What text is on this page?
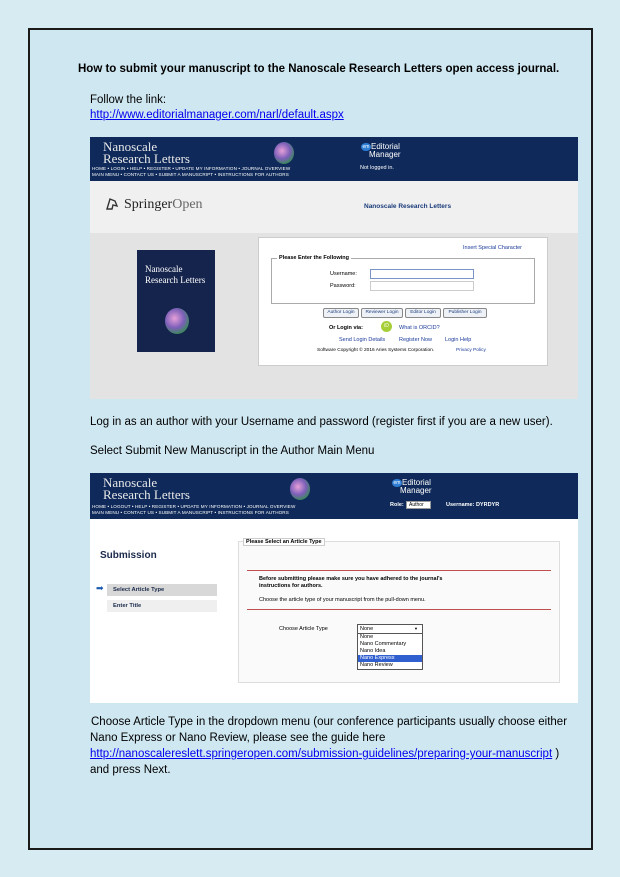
How to submit your manuscript to the Nanoscale Research Letters open access journal.
Follow the link:
http://www.editorialmanager.com/narl/default.aspx
Nanoscale
Research Letters
HOME • LOGIN • HELP • REGISTER • UPDATE MY INFORMATION • JOURNAL OVERVIEW
MAIN MENU • CONTACT US • SUBMIT A MANUSCRIPT • INSTRUCTIONS FOR AUTHORS
em Editorial
Manager
Not logged in.
SpringerOpen	Nanoscale Research Letters
Nanoscale
Research Letters
Insert Special Character
Please Enter the Following
Username:
Password:
Author Login	Reviewer Login	Editor Login	Publisher Login
Or Login via:	iD	What is ORCID?
Send Login Details	Register Now Login Help
Software Copyright © 2016 Aries Systems Corporation.	Privacy Policy
Log in as an author with your Username and password (register first if you are a new user).
Select Submit New Manuscript in the Author Main Menu
Nanoscale
Research Letters
HOME • LOGOUT • HELP • REGISTER • UPDATE MY INFORMATION • JOURNAL OVERVIEW
MAIN MENU • CONTACT US • SUBMIT A MANUSCRIPT • INSTRUCTIONS FOR AUTHORS
em Editorial
Manager
Role:	Author	Username: DYRDYR
Submission
➡	Select Article Type
Enter Title
Please Select an Article Type
Before submitting please make sure you have adhered to the journal's
instructions for authors.
Choose the article type of your manuscript from the pull-down menu.
Choose Article Type	None	▼
None
Nano Commentary
Nano Idea
Nano Express
Nano Review
Choose Article Type in the dropdown menu (our conference participants usually choose either
Nano Express or Nano Review, please see the guide here
http://nanoscalereslett.springeropen.com/submission-guidelines/preparing-your-manuscript )
and press Next.
